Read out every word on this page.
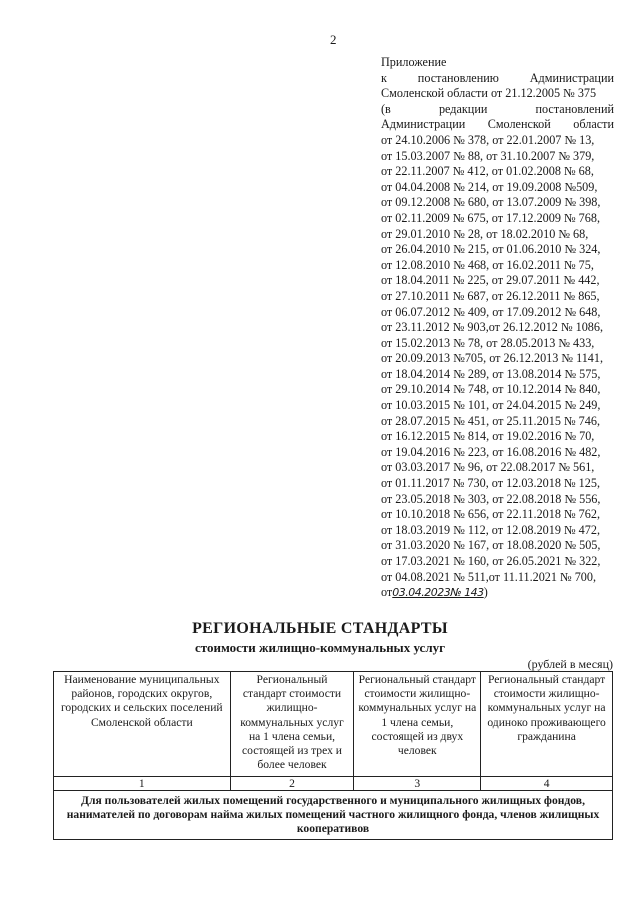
2
Приложение
к постановлению Администрации
Смоленской области от 21.12.2005 № 375
(в редакции постановлений
Администрации Смоленской области
от 24.10.2006 № 378, от 22.01.2007 № 13,
от 15.03.2007 № 88, от 31.10.2007 № 379,
от 22.11.2007 № 412, от 01.02.2008 № 68,
от 04.04.2008 № 214, от 19.09.2008 №509,
от 09.12.2008 № 680, от 13.07.2009 № 398,
от 02.11.2009 № 675, от 17.12.2009 № 768,
от 29.01.2010 № 28, от 18.02.2010 № 68,
от 26.04.2010 № 215, от 01.06.2010 № 324,
от 12.08.2010 № 468, от 16.02.2011 № 75,
от 18.04.2011 № 225, от 29.07.2011 № 442,
от 27.10.2011 № 687, от 26.12.2011 № 865,
от 06.07.2012 № 409, от 17.09.2012 № 648,
от 23.11.2012 № 903,от 26.12.2012 № 1086,
от 15.02.2013 № 78, от 28.05.2013 № 433,
от 20.09.2013 №705, от 26.12.2013 № 1141,
от 18.04.2014 № 289, от 13.08.2014 № 575,
от 29.10.2014 № 748, от 10.12.2014 № 840,
от 10.03.2015 № 101, от 24.04.2015 № 249,
от 28.07.2015 № 451, от 25.11.2015 № 746,
от 16.12.2015 № 814, от 19.02.2016 № 70,
от 19.04.2016 № 223, от 16.08.2016 № 482,
от 03.03.2017 № 96, от 22.08.2017 № 561,
от 01.11.2017 № 730, от 12.03.2018 № 125,
от 23.05.2018 № 303, от 22.08.2018 № 556,
от 10.10.2018 № 656, от 22.11.2018 № 762,
от 18.03.2019 № 112, от 12.08.2019 № 472,
от 31.03.2020 № 167, от 18.08.2020 № 505,
от 17.03.2021 № 160, от 26.05.2021 № 322,
от 04.08.2021 № 511,от 11.11.2021 № 700,
от03.04.2023№ 143)
РЕГИОНАЛЬНЫЕ СТАНДАРТЫ
стоимости жилищно-коммунальных услуг
(рублей в месяц)
Наименование муниципальных районов, городских округов, городских и сельских поселений Смоленской области	Региональный стандарт стоимости жилищно-коммунальных услуг на 1 члена семьи, состоящей из трех и более человек	Региональный стандарт стоимости жилищно-коммунальных услуг на 1 члена семьи, состоящей из двух человек	Региональный стандарт стоимости жилищно-коммунальных услуг на одиноко проживающего гражданина
1	2	3	4
Для пользователей жилых помещений государственного и муниципального жилищных фондов, нанимателей по договорам найма жилых помещений частного жилищного фонда, членов жилищных кооперативов			
